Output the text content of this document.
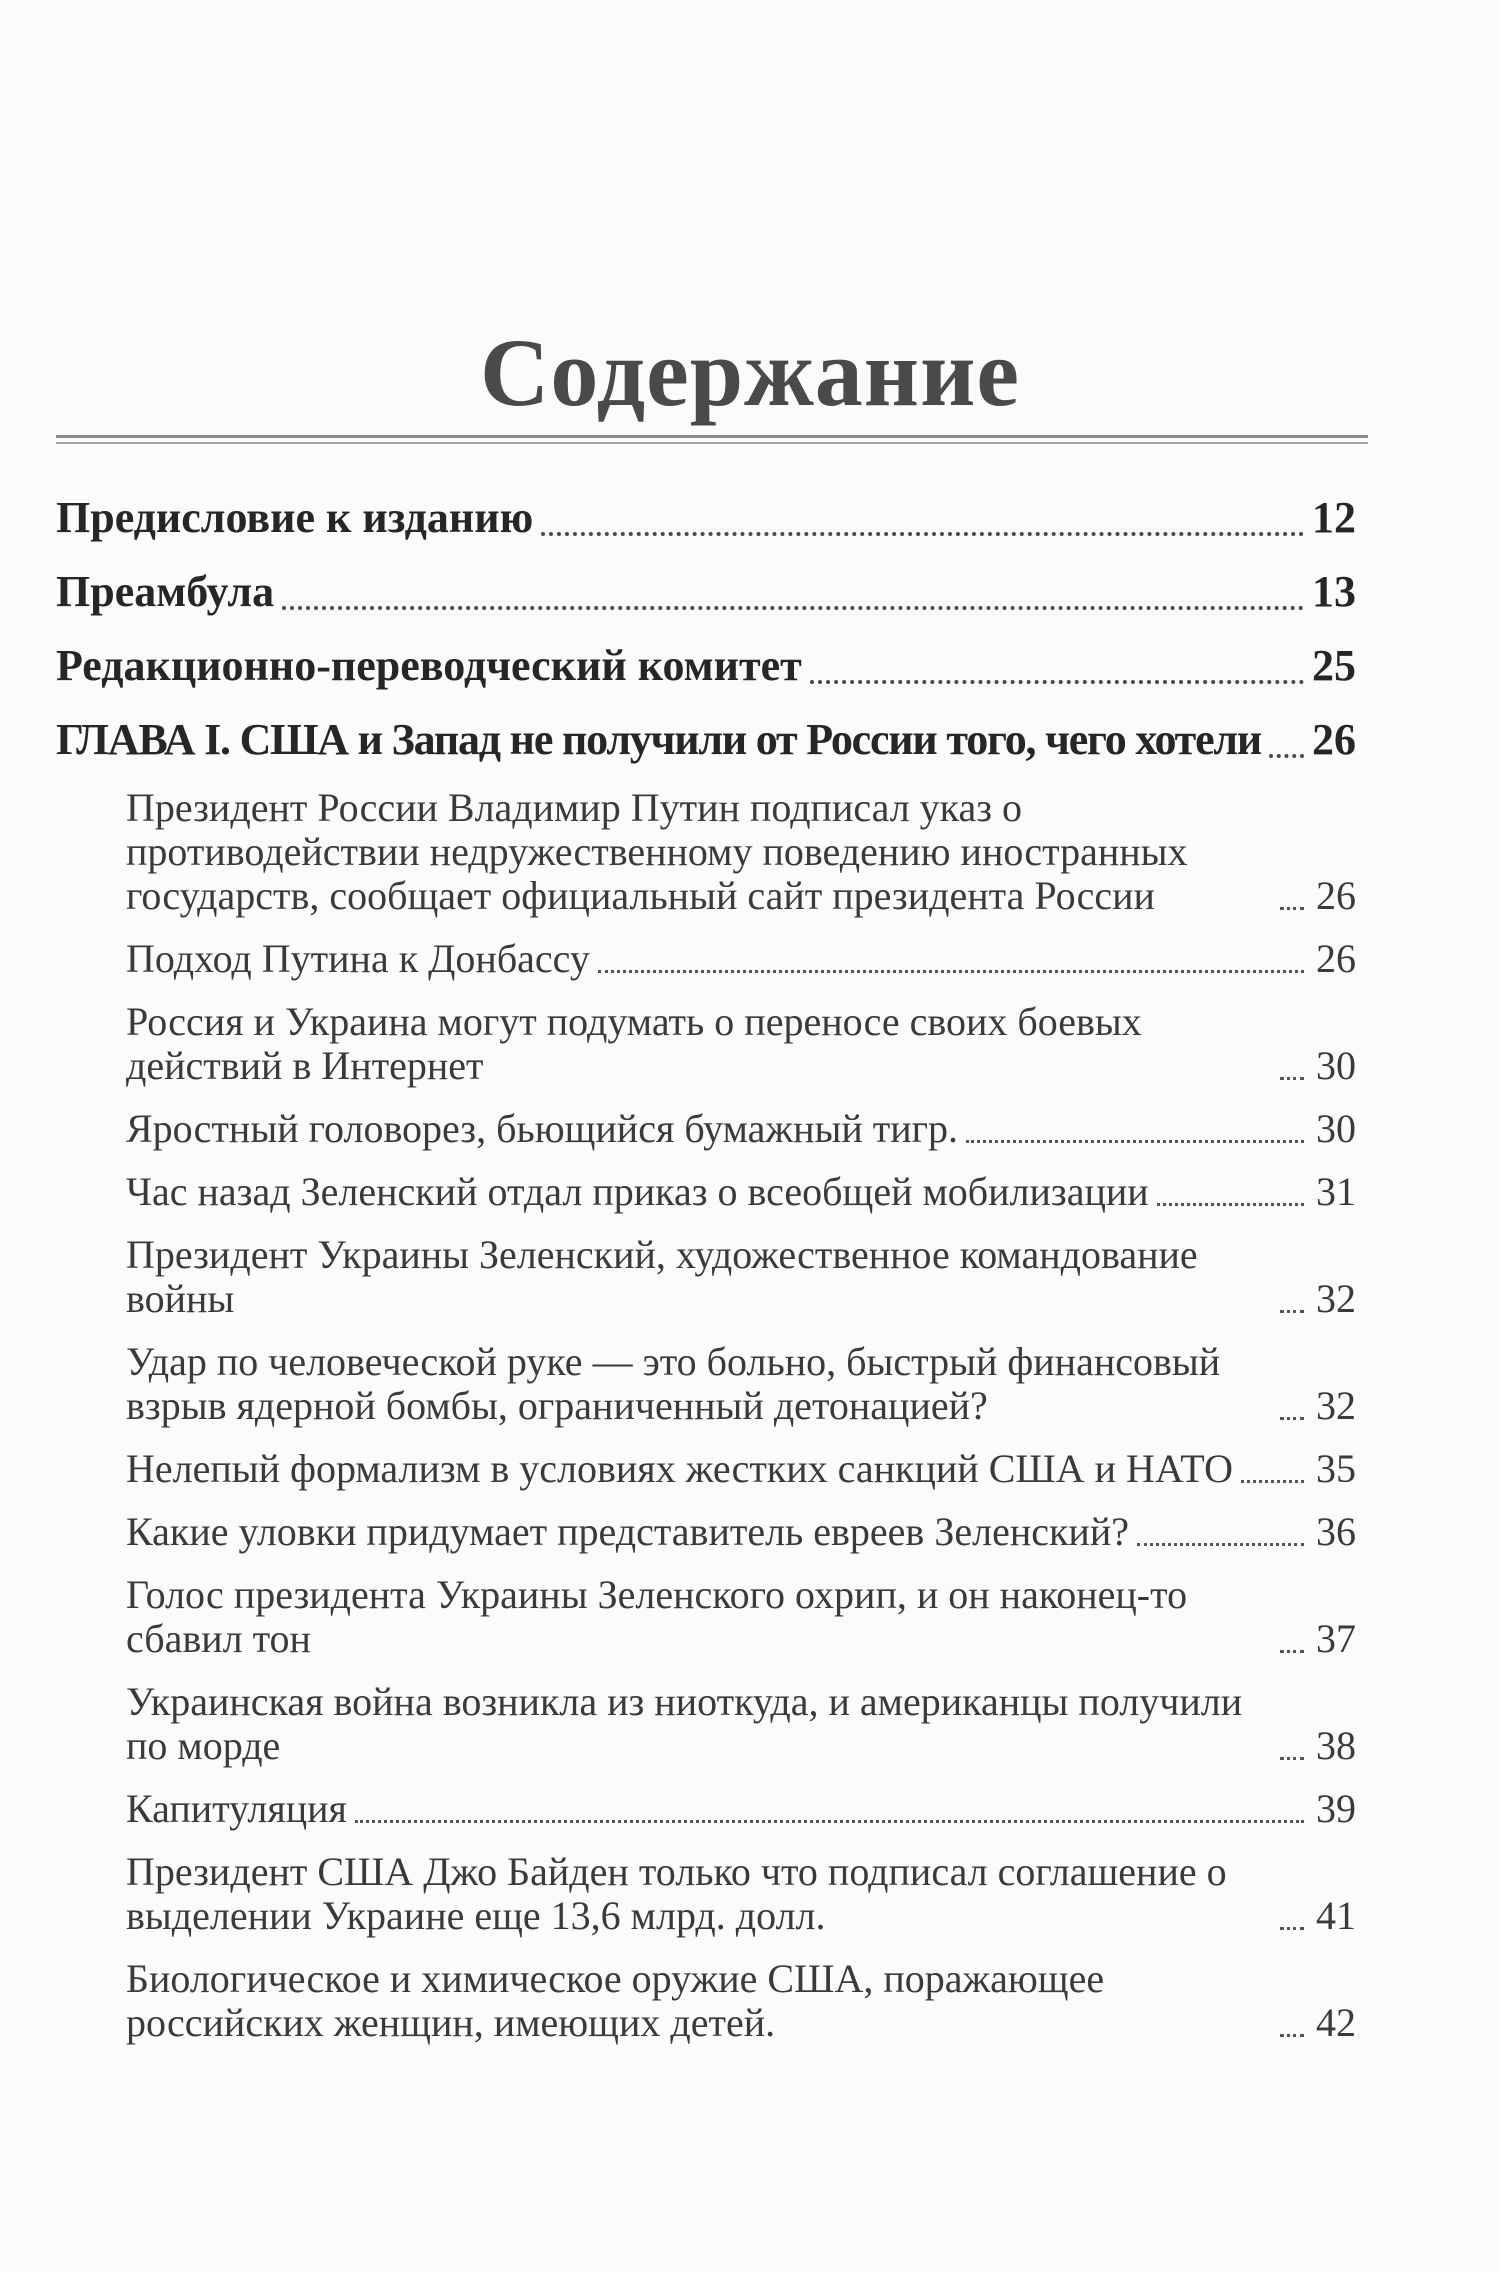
Содержание
Предисловие к изданию	12
Преамбула	13
Редакционно-переводческий комитет	25
ГЛАВА I. США и Запад не получили от России того, чего хотели 26
Президент России Владимир Путин подписал указ о противодействии недружественному поведению иностранных государств, сообщает официальный сайт президента России	26
Подход Путина к Донбассу	26
Россия и Украина могут подумать о переносе своих боевых действий в Интернет	30
Яростный головорез, бьющийся бумажный тигр.	30
Час назад Зеленский отдал приказ о всеобщей мобилизации	31
Президент Украины Зеленский, художественное командование войны	32
Удар по человеческой руке — это больно, быстрый финансовый взрыв ядерной бомбы, ограниченный детонацией?	32
Нелепый формализм в условиях жестких санкций США и НАТО 35
Какие уловки придумает представитель евреев Зеленский?	36
Голос президента Украины Зеленского охрип, и он наконец-то сбавил тон	37
Украинская война возникла из ниоткуда, и американцы получили по морде	38
Капитуляция	39
Президент США Джо Байден только что подписал соглашение о выделении Украине еще 13,6 млрд. долл.	41
Биологическое и химическое оружие США, поражающее российских женщин, имеющих детей.	42
